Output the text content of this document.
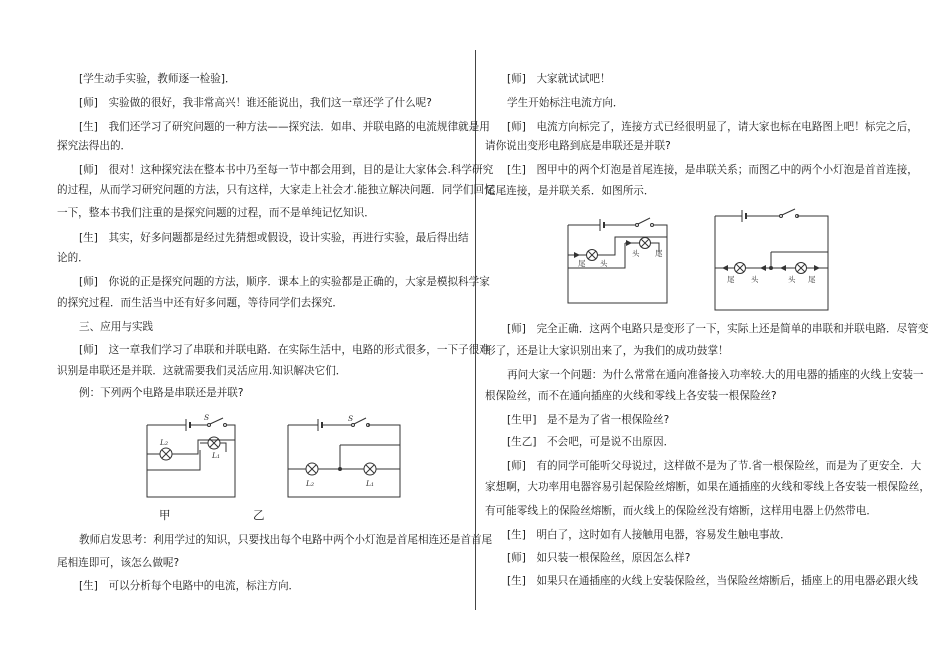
[学生动手实验，教师逐一检验]．
[师]　实验做的很好，我非常高兴！谁还能说出，我们这一章还学了什么呢?
[生]　我们还学习了研究问题的一种方法——探究法．如串、并联电路的电流规律就是用
探究法得出的．
[师]　很对！这种探究法在整本书中乃至每一节中都会用到，目的是让大家体会.科学研究
的过程，从而学习研究问题的方法，只有这样，大家走上社会才.能独立解决问题．同学们回忆
一下，整本书我们注重的是探究问题的过程，而不是单纯记忆知识．
[生]　其实，好多问题都是经过先猜想或假设，设计实验，再进行实验，最后得出结
论的．
[师]　你说的正是探究问题的方法，顺序．课本上的实验都是正确的，大家是模拟科学家
的探究过程．而生活当中还有好多问题，等待同学们去探究．
三、应用与实践
[师]　这一章我们学习了串联和并联电路．在实际生活中，电路的形式很多，一下子很难
识别是串联还是并联．这就需要我们灵活应用.知识解决它们．
例：下列两个电路是串联还是并联?
S
L₂
L₁
S
L₂	L₁
甲	乙
教师启发思考：利用学过的知识，只要找出每个电路中两个小灯泡是首尾相连还是首首尾
尾相连即可，该怎么做呢?
[生]　可以分析每个电路中的电流，标注方向．
[师]　大家就试试吧！
学生开始标注电流方向．
[师]　电流方向标完了，连接方式已经很明显了，请大家也标在电路图上吧！标完之后，
请你说出变形电路到底是串联还是并联?
[生]　图甲中的两个灯泡是首尾连接，是串联关系；而图乙中的两个小灯泡是首首连接，
尾尾连接，是并联关系．如图所示．
尾 头
头 尾
尾 头	头 尾
[师]　完全正确．这两个电路只是变形了一下，实际上还是简单的串联和并联电路．尽管变
形了，还是让大家识别出来了，为我们的成功鼓掌！
再问大家一个问题：为什么常常在通向准备接入功率较.大的用电器的插座的火线上安装一
根保险丝，而不在通向插座的火线和零线上各安装一根保险丝?
[生甲]　是不是为了省一根保险丝?
[生乙]　不会吧，可是说不出原因．
[师]　有的同学可能听父母说过，这样做不是为了节.省一根保险丝，而是为了更安全．大
家想啊，大功率用电器容易引起保险丝熔断，如果在通插座的火线和零线上各安装一根保险丝，
有可能零线上的保险丝熔断，而火线上的保险丝没有熔断，这样用电器上仍然带电．
[生]　明白了，这时如有人接触用电器，容易发生触电事故．
[师]　如只装一根保险丝，原因怎么样?
[生]　如果只在通插座的火线上安装保险丝，当保险丝熔断后，插座上的用电器必跟火线
